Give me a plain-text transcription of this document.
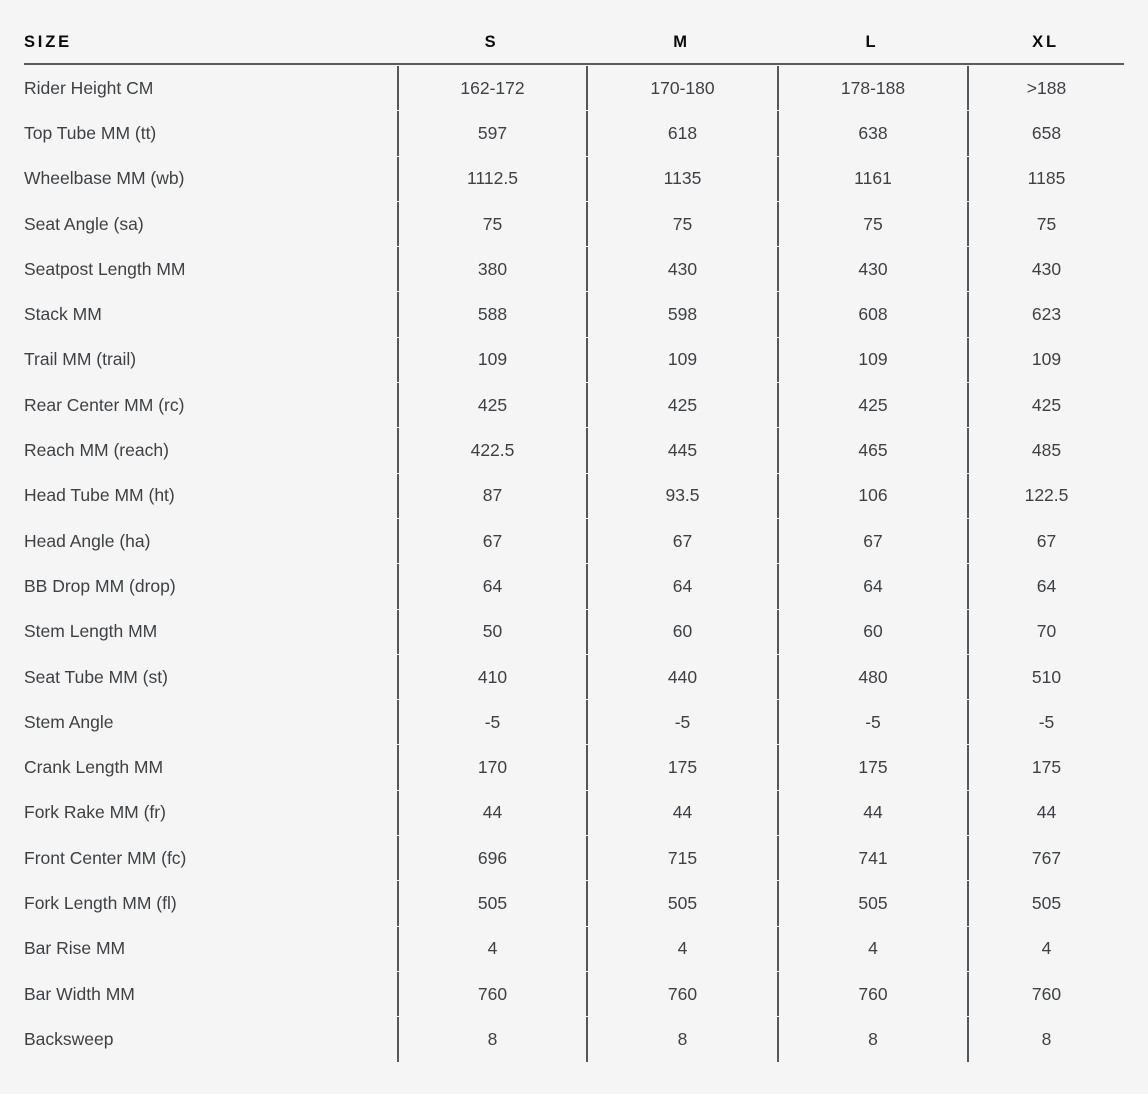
SIZE	S	M	L	XL
Rider Height CM	162-172	170-180	178-188	>188
Top Tube MM (tt)	597	618	638	658
Wheelbase MM (wb)	1112.5	1135	1161	1185
Seat Angle (sa)	75	75	75	75
Seatpost Length MM	380	430	430	430
Stack MM	588	598	608	623
Trail MM (trail)	109	109	109	109
Rear Center MM (rc)	425	425	425	425
Reach MM (reach)	422.5	445	465	485
Head Tube MM (ht)	87	93.5	106	122.5
Head Angle (ha)	67	67	67	67
BB Drop MM (drop)	64	64	64	64
Stem Length MM	50	60	60	70
Seat Tube MM (st)	410	440	480	510
Stem Angle	-5	-5	-5	-5
Crank Length MM	170	175	175	175
Fork Rake MM (fr)	44	44	44	44
Front Center MM (fc)	696	715	741	767
Fork Length MM (fl)	505	505	505	505
Bar Rise MM	4	4	4	4
Bar Width MM	760	760	760	760
Backsweep	8	8	8	8
